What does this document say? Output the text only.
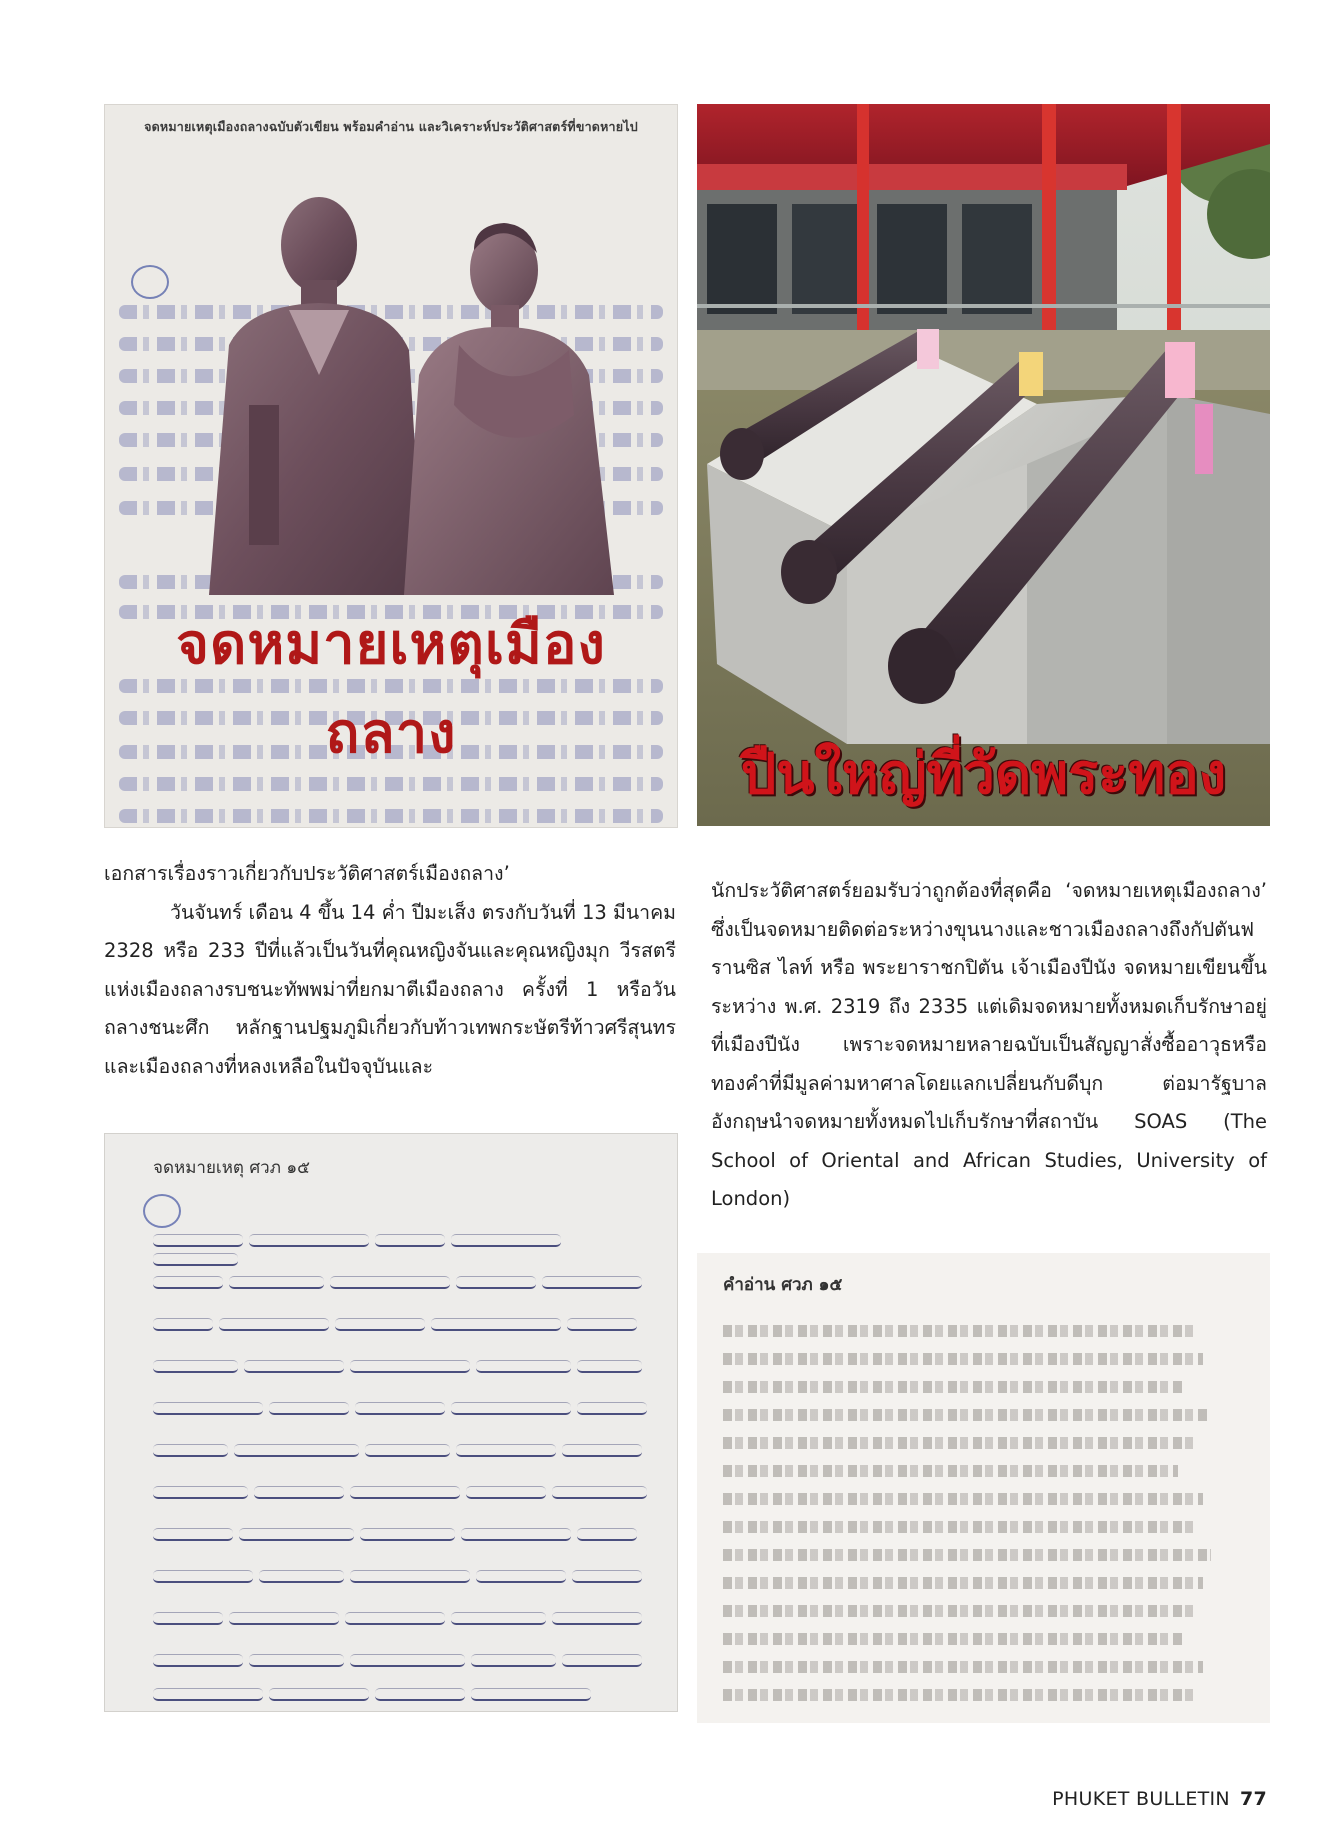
จดหมายเหตุเมืองถลางฉบับตัวเขียน พร้อมคำอ่าน และวิเคราะห์ประวัติศาสตร์ที่ขาดหายไป
จดหมายเหตุเมืองถลาง
ปืนใหญ่ที่วัดพระทอง

เอกสารเรื่องราวเกี่ยวกับประวัติศาสตร์เมืองถลาง’

วันจันทร์ เดือน 4 ขึ้น 14 ค่ำ ปีมะเส็ง ตรงกับวันที่ 13 มีนาคม 2328 หรือ 233 ปีที่แล้วเป็นวันที่คุณหญิงจันและคุณหญิงมุก วีรสตรีแห่งเมืองถลางรบชนะทัพพม่าที่ยกมาตีเมืองถลาง ครั้งที่ 1 หรือวันถลางชนะศึก หลักฐานปฐมภูมิเกี่ยวกับท้าวเทพกระษัตรีท้าวศรีสุนทรและเมืองถลางที่หลงเหลือในปัจจุบันและ

นักประวัติศาสตร์ยอมรับว่าถูกต้องที่สุดคือ ‘จดหมายเหตุเมืองถลาง’ ซึ่งเป็นจดหมายติดต่อระหว่างขุนนางและชาวเมืองถลางถึงกัปตันฟรานซิส ไลท์ หรือ พระยาราชกปิตัน เจ้าเมืองปีนัง จดหมายเขียนขึ้นระหว่าง พ.ศ. 2319 ถึง 2335 แต่เดิมจดหมายทั้งหมดเก็บรักษาอยู่ที่เมืองปีนัง เพราะจดหมายหลายฉบับเป็นสัญญาสั่งซื้ออาวุธหรือทองคำที่มีมูลค่ามหาศาลโดยแลกเปลี่ยนกับดีบุก ต่อมารัฐบาลอังกฤษนำจดหมายทั้งหมดไปเก็บรักษาที่สถาบัน SOAS (The School of Oriental and African Studies, University of London)

จดหมายเหตุ ศวภ ๑๕
คำอ่าน ศวภ ๑๕
PHUKET BULLETIN 77
